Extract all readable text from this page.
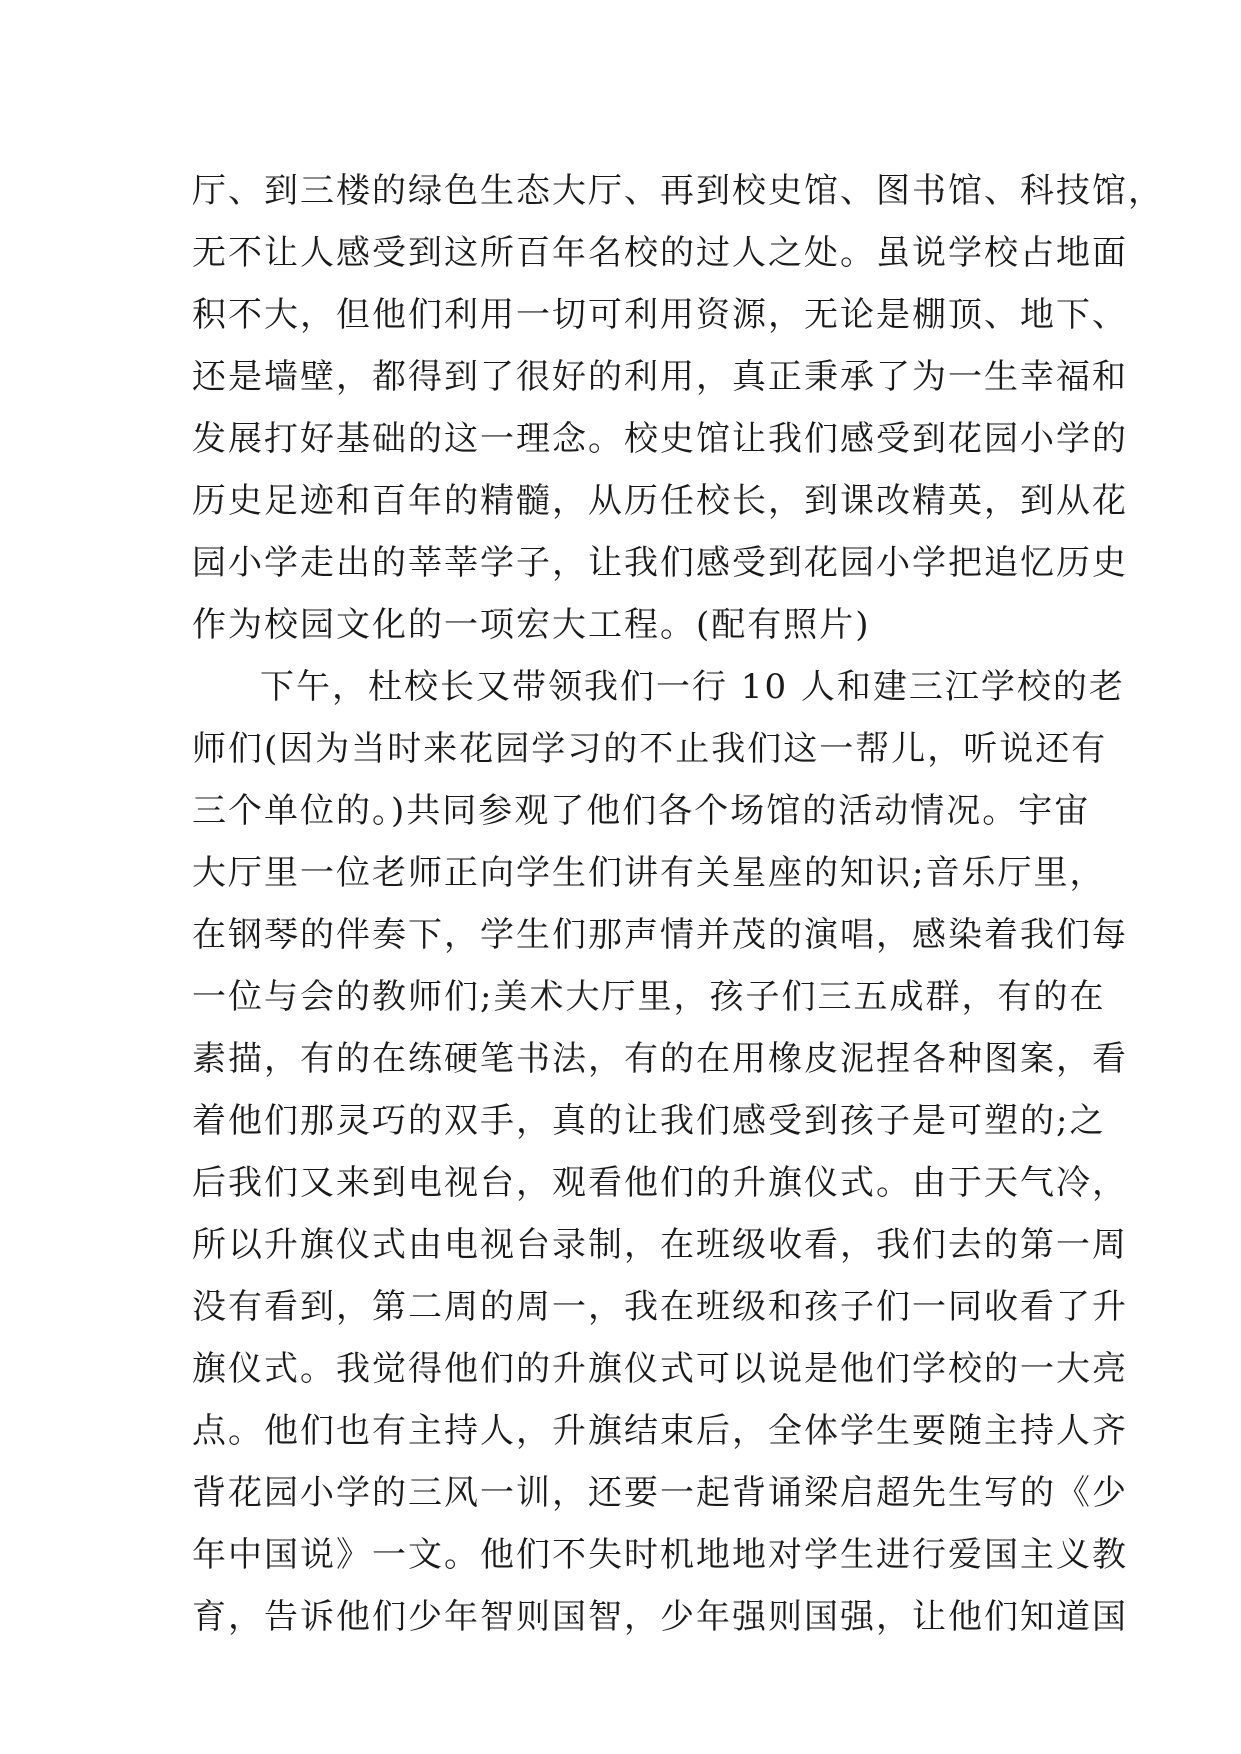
厅、到三楼的绿色生态大厅、再到校史馆、图书馆、科技馆，
无不让人感受到这所百年名校的过人之处。虽说学校占地面
积不大，但他们利用一切可利用资源，无论是棚顶、地下、
还是墙壁，都得到了很好的利用，真正秉承了为一生幸福和
发展打好基础的这一理念。校史馆让我们感受到花园小学的
历史足迹和百年的精髓，从历任校长，到课改精英，到从花
园小学走出的莘莘学子，让我们感受到花园小学把追忆历史
作为校园文化的一项宏大工程。(配有照片)
下午，杜校长又带领我们一行 10 人和建三江学校的老
师们(因为当时来花园学习的不止我们这一帮儿，听说还有
三个单位的。)共同参观了他们各个场馆的活动情况。宇宙
大厅里一位老师正向学生们讲有关星座的知识;音乐厅里，
在钢琴的伴奏下，学生们那声情并茂的演唱，感染着我们每
一位与会的教师们;美术大厅里，孩子们三五成群，有的在
素描，有的在练硬笔书法，有的在用橡皮泥捏各种图案，看
着他们那灵巧的双手，真的让我们感受到孩子是可塑的;之
后我们又来到电视台，观看他们的升旗仪式。由于天气冷，
所以升旗仪式由电视台录制，在班级收看，我们去的第一周
没有看到，第二周的周一，我在班级和孩子们一同收看了升
旗仪式。我觉得他们的升旗仪式可以说是他们学校的一大亮
点。他们也有主持人，升旗结束后，全体学生要随主持人齐
背花园小学的三风一训，还要一起背诵梁启超先生写的《少
年中国说》一文。他们不失时机地地对学生进行爱国主义教
育，告诉他们少年智则国智，少年强则国强，让他们知道国
